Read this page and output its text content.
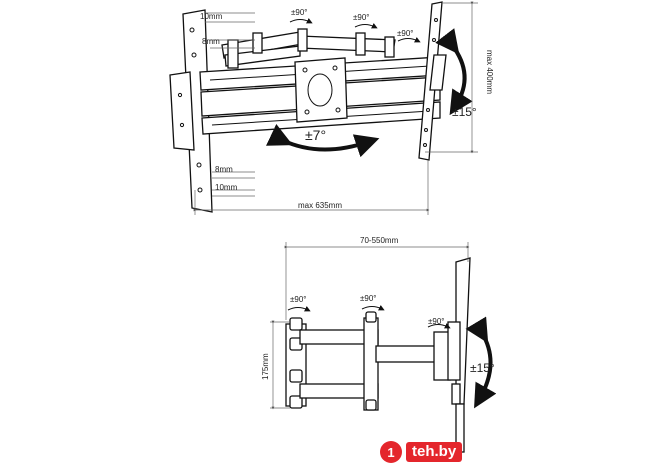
±90°
±90°
±90°
±15°
±7°
10mm
8mm
8mm
10mm
max 635mm
max 400mm
±90°	±90°
±90°
±15°
70-550mm
175mm
1	teh.by
